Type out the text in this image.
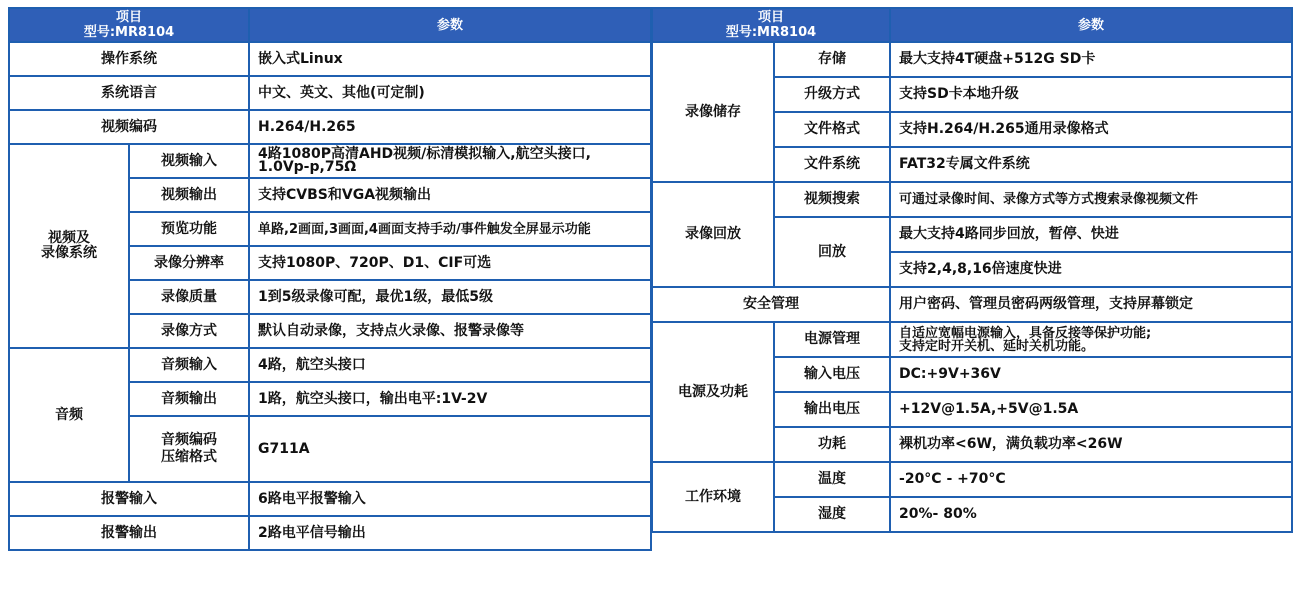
项目
型号:MR8104		参数
操作系统		嵌入式Linux
系统语言		中文、英文、其他(可定制)
视频编码		H.264/H.265
视频及
录像系统	视频输入	4路1080P高清AHD视频/标清模拟输入,航空头接口,
1.0Vp-p,75Ω
	视频输出	支持CVBS和VGA视频输出
	预览功能	单路,2画面,3画面,4画面支持手动/事件触发全屏显示功能
	录像分辨率	支持1080P、720P、D1、CIF可选
	录像质量	1到5级录像可配，最优1级，最低5级
	录像方式	默认自动录像，支持点火录像、报警录像等
音频	音频输入	4路，航空头接口
	音频输出	1路，航空头接口，输出电平:1V-2V
	音频编码
压缩格式	G711A
报警输入		6路电平报警输入
报警输出		2路电平信号输出
项目
型号:MR8104		参数
录像储存	存储	最大支持4T硬盘+512G SD卡
	升级方式	支持SD卡本地升级
	文件格式	支持H.264/H.265通用录像格式
	文件系统	FAT32专属文件系统
录像回放	视频搜索	可通过录像时间、录像方式等方式搜索录像视频文件
	回放	最大支持4路同步回放，暂停、快进
		支持2,4,8,16倍速度快进
安全管理		用户密码、管理员密码两级管理，支持屏幕锁定
电源及功耗	电源管理	自适应宽幅电源输入，具备反接等保护功能;
支持定时开关机、延时关机功能。
	输入电压	DC:+9V+36V
	输出电压	+12V@1.5A,+5V@1.5A
	功耗	裸机功率<6W，满负载功率<26W
工作环境	温度	-20°C - +70°C
	湿度	20%- 80%
